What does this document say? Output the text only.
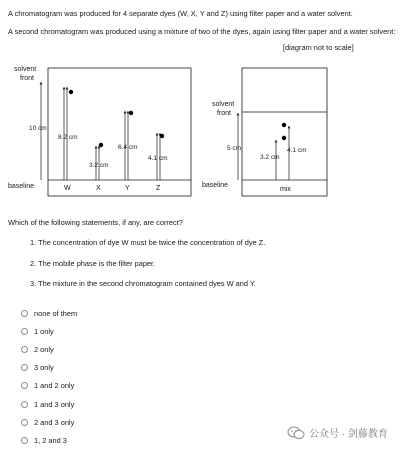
A chromatogram was produced for 4 separate dyes (W, X, Y and Z) using filter paper and a water solvent.
A second chromatogram was produced using a mixture of two of the dyes, again using filter paper and a water solvent:
[diagram not to scale]
solvent
front
baseline
10 cm
8.2 cm
W
3.2 cm
X
6.4 cm
Y
4.1 cm
Z
solvent
front
baseline
5 cm
3.2 cm
4.1 cm
mix
Which of the following statements, if any, are correct?
1. The concentration of dye W must be twice the concentration of dye Z.
2. The mobile phase is the filter paper.
3. The mixture in the second chromatogram contained dyes W and Y.
none of them
1 only
2 only
3 only
1 and 2 only
1 and 3 only
2 and 3 only
1, 2 and 3
公众号 · 剑藤教育
